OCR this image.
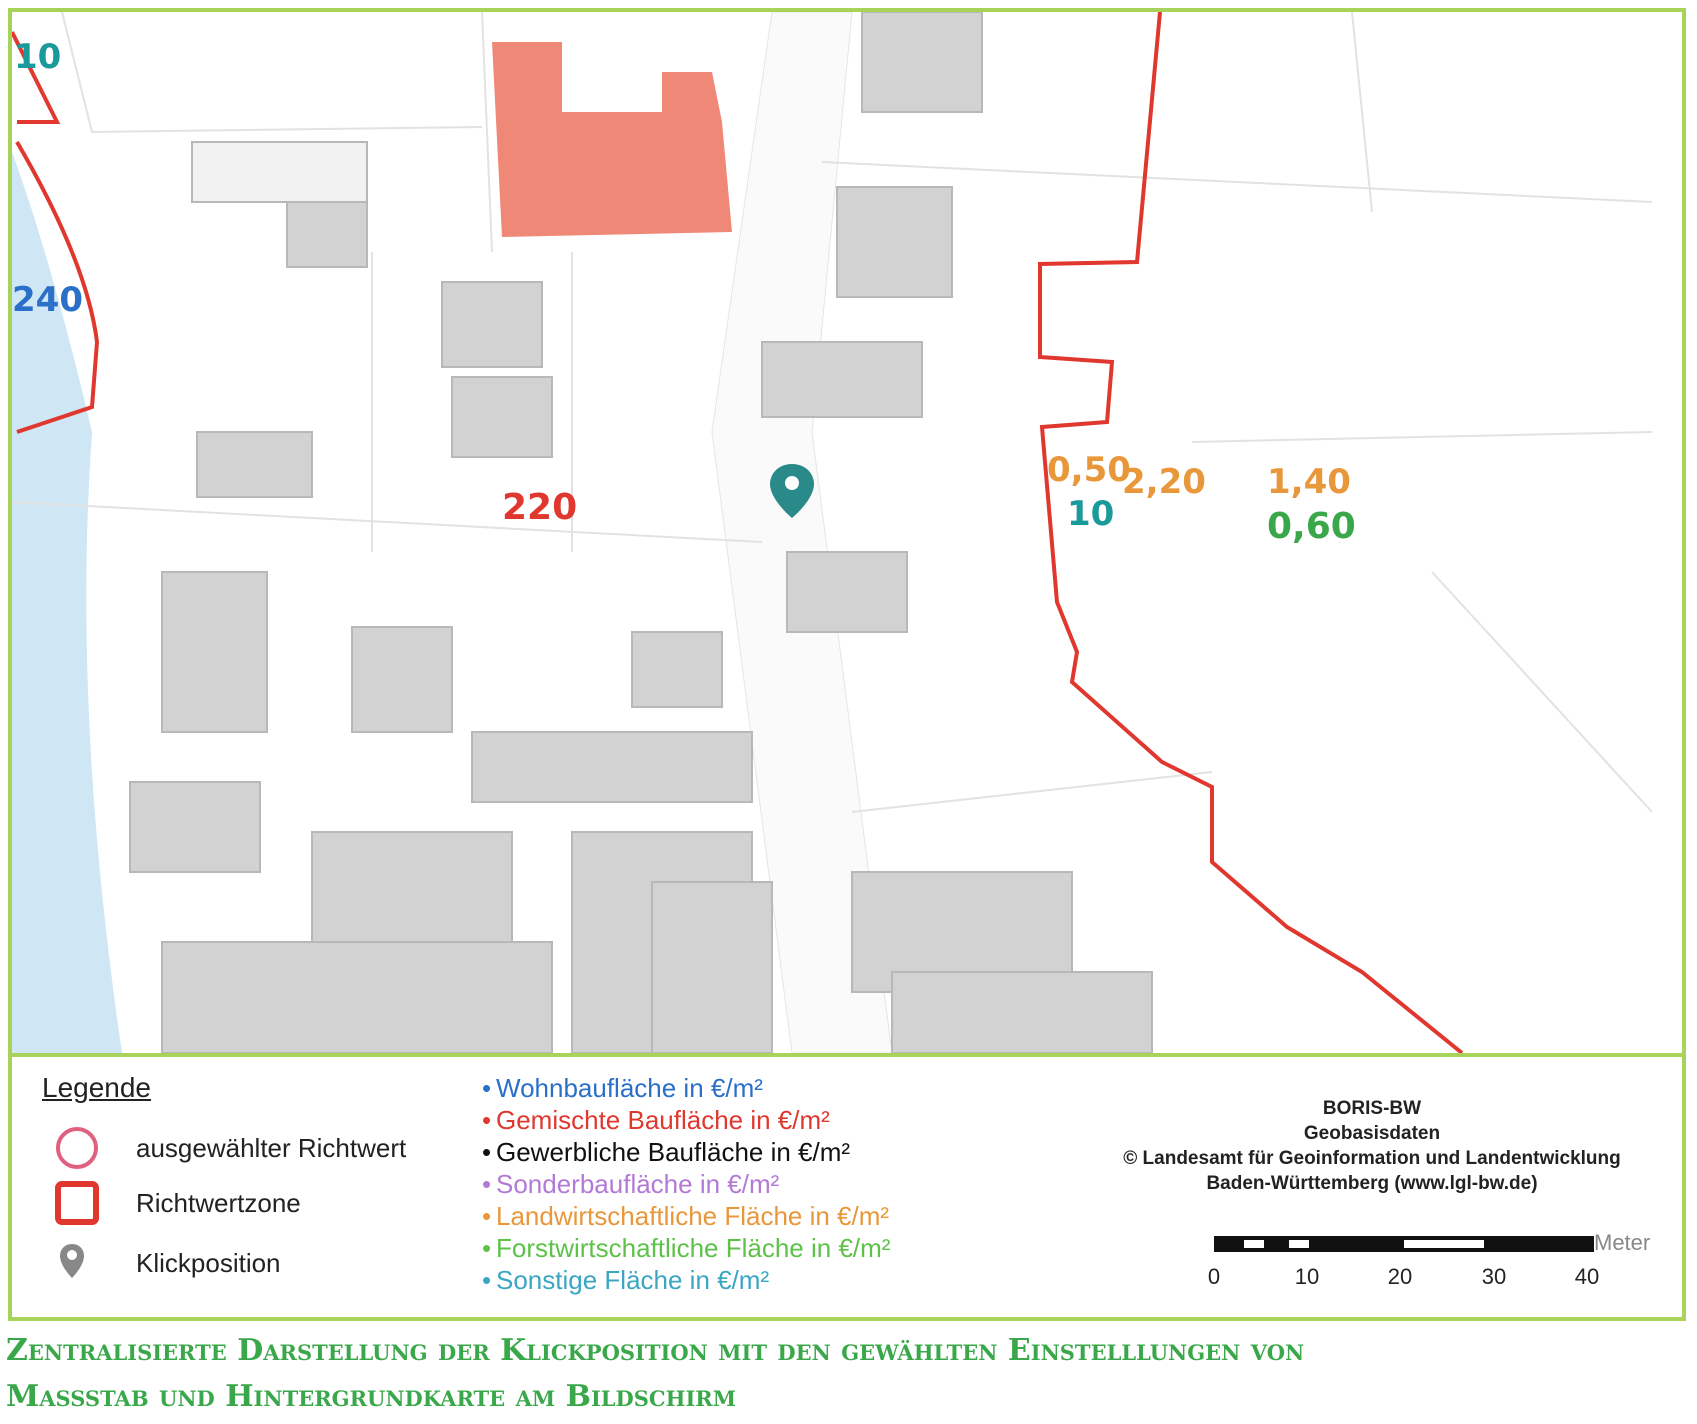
10
240
220
0,50
2,20
10
1,40
0,60
Legende
ausgewählter Richtwert
Richtwertzone
Klickposition
• Wohnbaufläche in €/m²
• Gemischte Baufläche in €/m²
• Gewerbliche Baufläche in €/m²
• Sonderbaufläche in €/m²
• Landwirtschaftliche Fläche in €/m²
• Forstwirtschaftliche Fläche in €/m²
• Sonstige Fläche in €/m²
BORIS-BW
Geobasisdaten
© Landesamt für Geoinformation und Landentwicklung
Baden-Württemberg (www.lgl-bw.de)
Meter
0	10	20	30	40
Zentralisierte Darstellung der Klickposition mit den gewählten Einstelllungen von
Maßstab und Hintergrundkarte am Bildschirm
